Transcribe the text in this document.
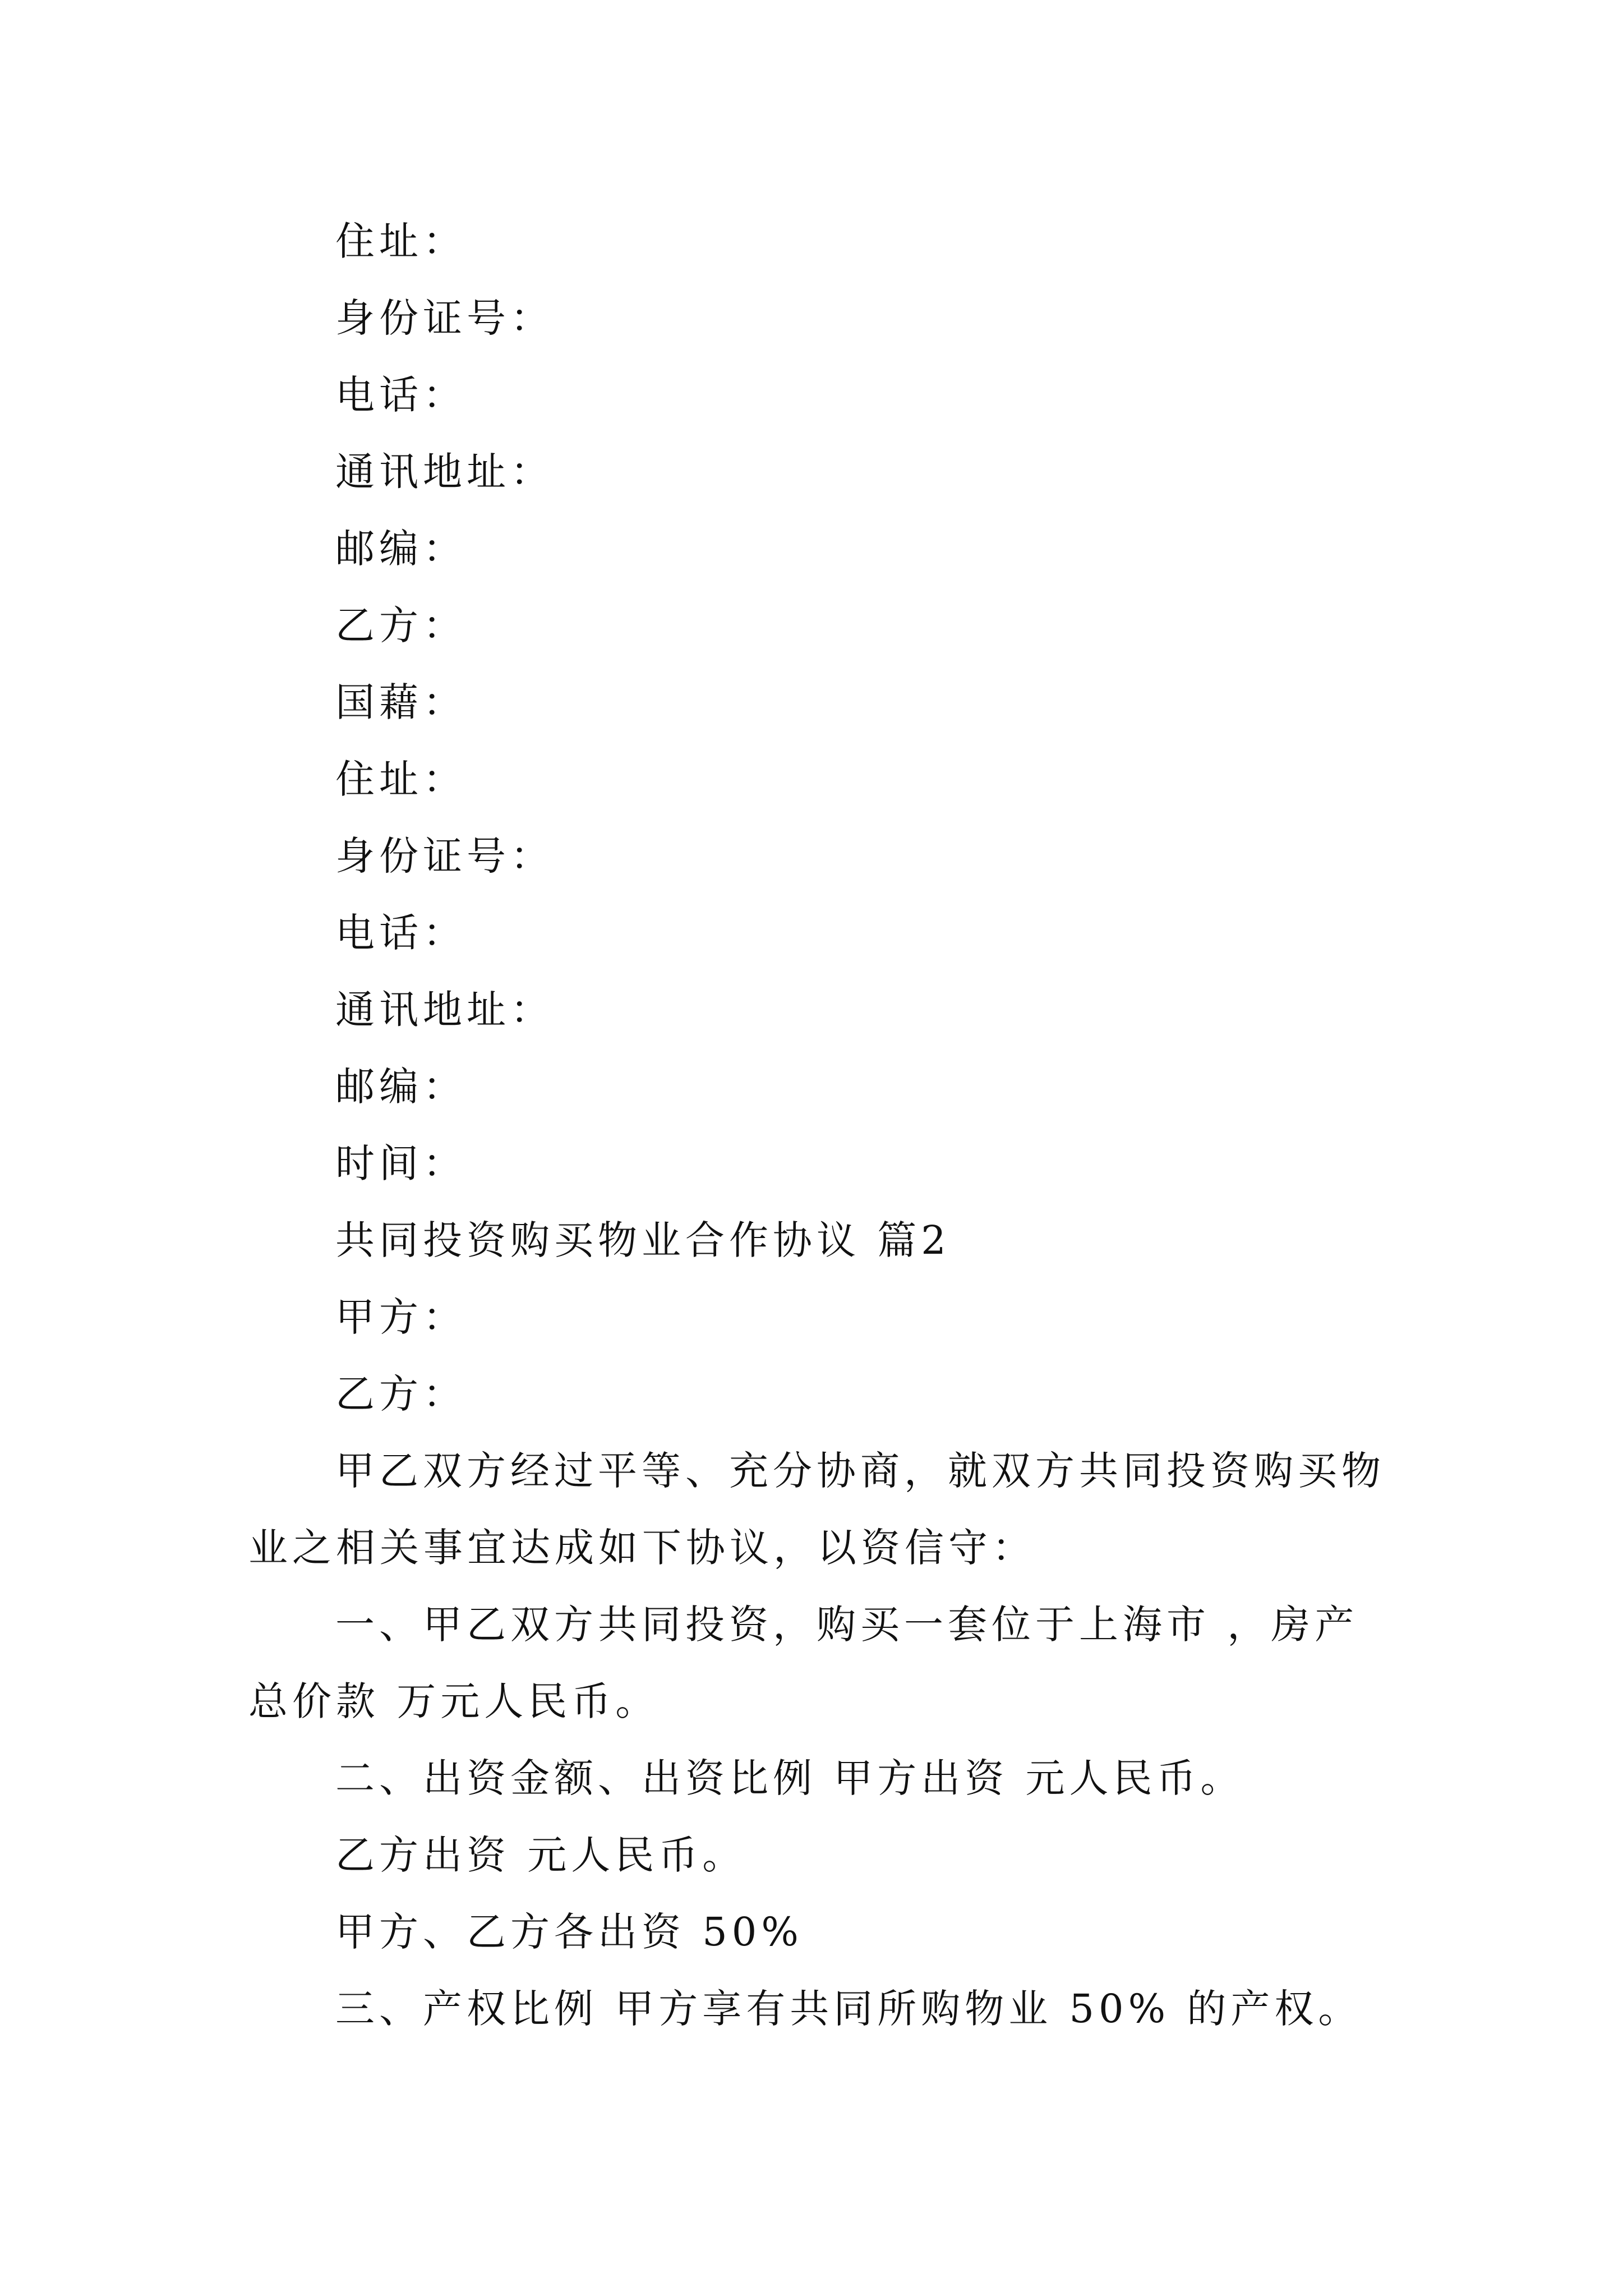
住址：
身份证号：
电话：
通讯地址：
邮编：
乙方：
国藉：
住址：
身份证号：
电话：
通讯地址：
邮编：
时间：
共同投资购买物业合作协议 篇2
甲方：
乙方：
甲乙双方经过平等、充分协商，就双方共同投资购买物
业之相关事宜达成如下协议，以资信守：
一、甲乙双方共同投资，购买一套位于上海市 ，房产
总价款 万元人民币。
二、出资金额、出资比例 甲方出资 元人民币。
乙方出资 元人民币。
甲方、乙方各出资 50%
三、产权比例 甲方享有共同所购物业 50% 的产权。
